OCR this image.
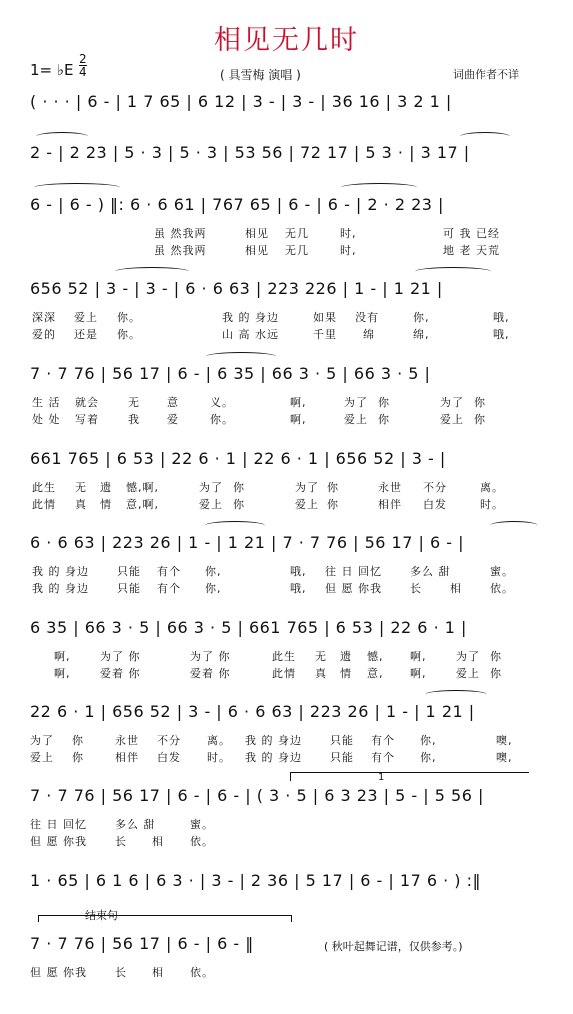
相见无几时
1= ♭E
2
4	( 具雪梅 演唱 )	词曲作者不详
( · · · | 6 - | 1 7 65 | 6 12 | 3 - | 3 - | 36 16 | 3 2 1 |
2 - | 2 23 | 5 · 3 | 5 · 3 | 53 56 | 72 17 | 5 3 · | 3 17 |
6 - | 6 - ) ‖: 6 · 6 61 | 767 65 | 6 - | 6 - | 2 · 2 23 |
656 52 | 3 - | 3 - | 6 · 6 63 | 223 226 | 1 - | 1 21 |
7 · 7 76 | 56 17 | 6 - | 6 35 | 66 3 · 5 | 66 3 · 5 |
661 765 | 6 53 | 22 6 · 1 | 22 6 · 1 | 656 52 | 3 - |
6 · 6 63 | 223 26 | 1 - | 1 21 | 7 · 7 76 | 56 17 | 6 - |
6 35 | 66 3 · 5 | 66 3 · 5 | 661 765 | 6 53 | 22 6 · 1 |
22 6 · 1 | 656 52 | 3 - | 6 · 6 63 | 223 26 | 1 - | 1 21 |
7 · 7 76 | 56 17 | 6 - | 6 - | ( 3 · 5 | 6 3 23 | 5 - | 5 56 |
1 · 65 | 6 1 6 | 6 3 · | 3 - | 2 36 | 5 17 | 6 - | 17 6 · ) :‖
7 · 7 76 | 56 17 | 6 - | 6 - ‖
1
结束句
虽 然我两	相见 无几	时,	可 我 已经
虽 然我两	相见 无几	时,	地 老 天荒
深深 爱上 你。	我 的 身边	如果 没有	你,	哦,
爱的 还是 你。	山 高 水远	千里 绵	绵,	哦,
生 活 就会	无 意	义。	啊,	为了 你	为了 你
处 处 写着	我 爱	你。	啊,	爱上 你	爱上 你
此生 无 遗 憾,啊,	为了 你	为了 你	永世 不分	离。
此情 真 情 意,啊,	爱上 你	爱上 你	相伴 白发	时。
我 的 身边	只能 有个 你,	哦, 往 日 回忆	多么 甜	蜜。
我 的 身边	只能 有个 你,	哦, 但 愿 你我	长	相	依。
啊,	为了 你	为了 你	此生 无 遗 憾, 啊,	为了 你
啊,	爱着 你	爱着 你	此情 真 情 意, 啊,	爱上 你
为了 你	永世 不分 离。 我 的 身边	只能 有个 你,	噢,
爱上 你	相伴 白发 时。 我 的 身边	只能 有个 你,	噢,
往 日 回忆	多么 甜	蜜。
但 愿 你我	长 相 依。
但 愿 你我	长 相 依。
( 秋叶起舞记谱，仅供参考。)
